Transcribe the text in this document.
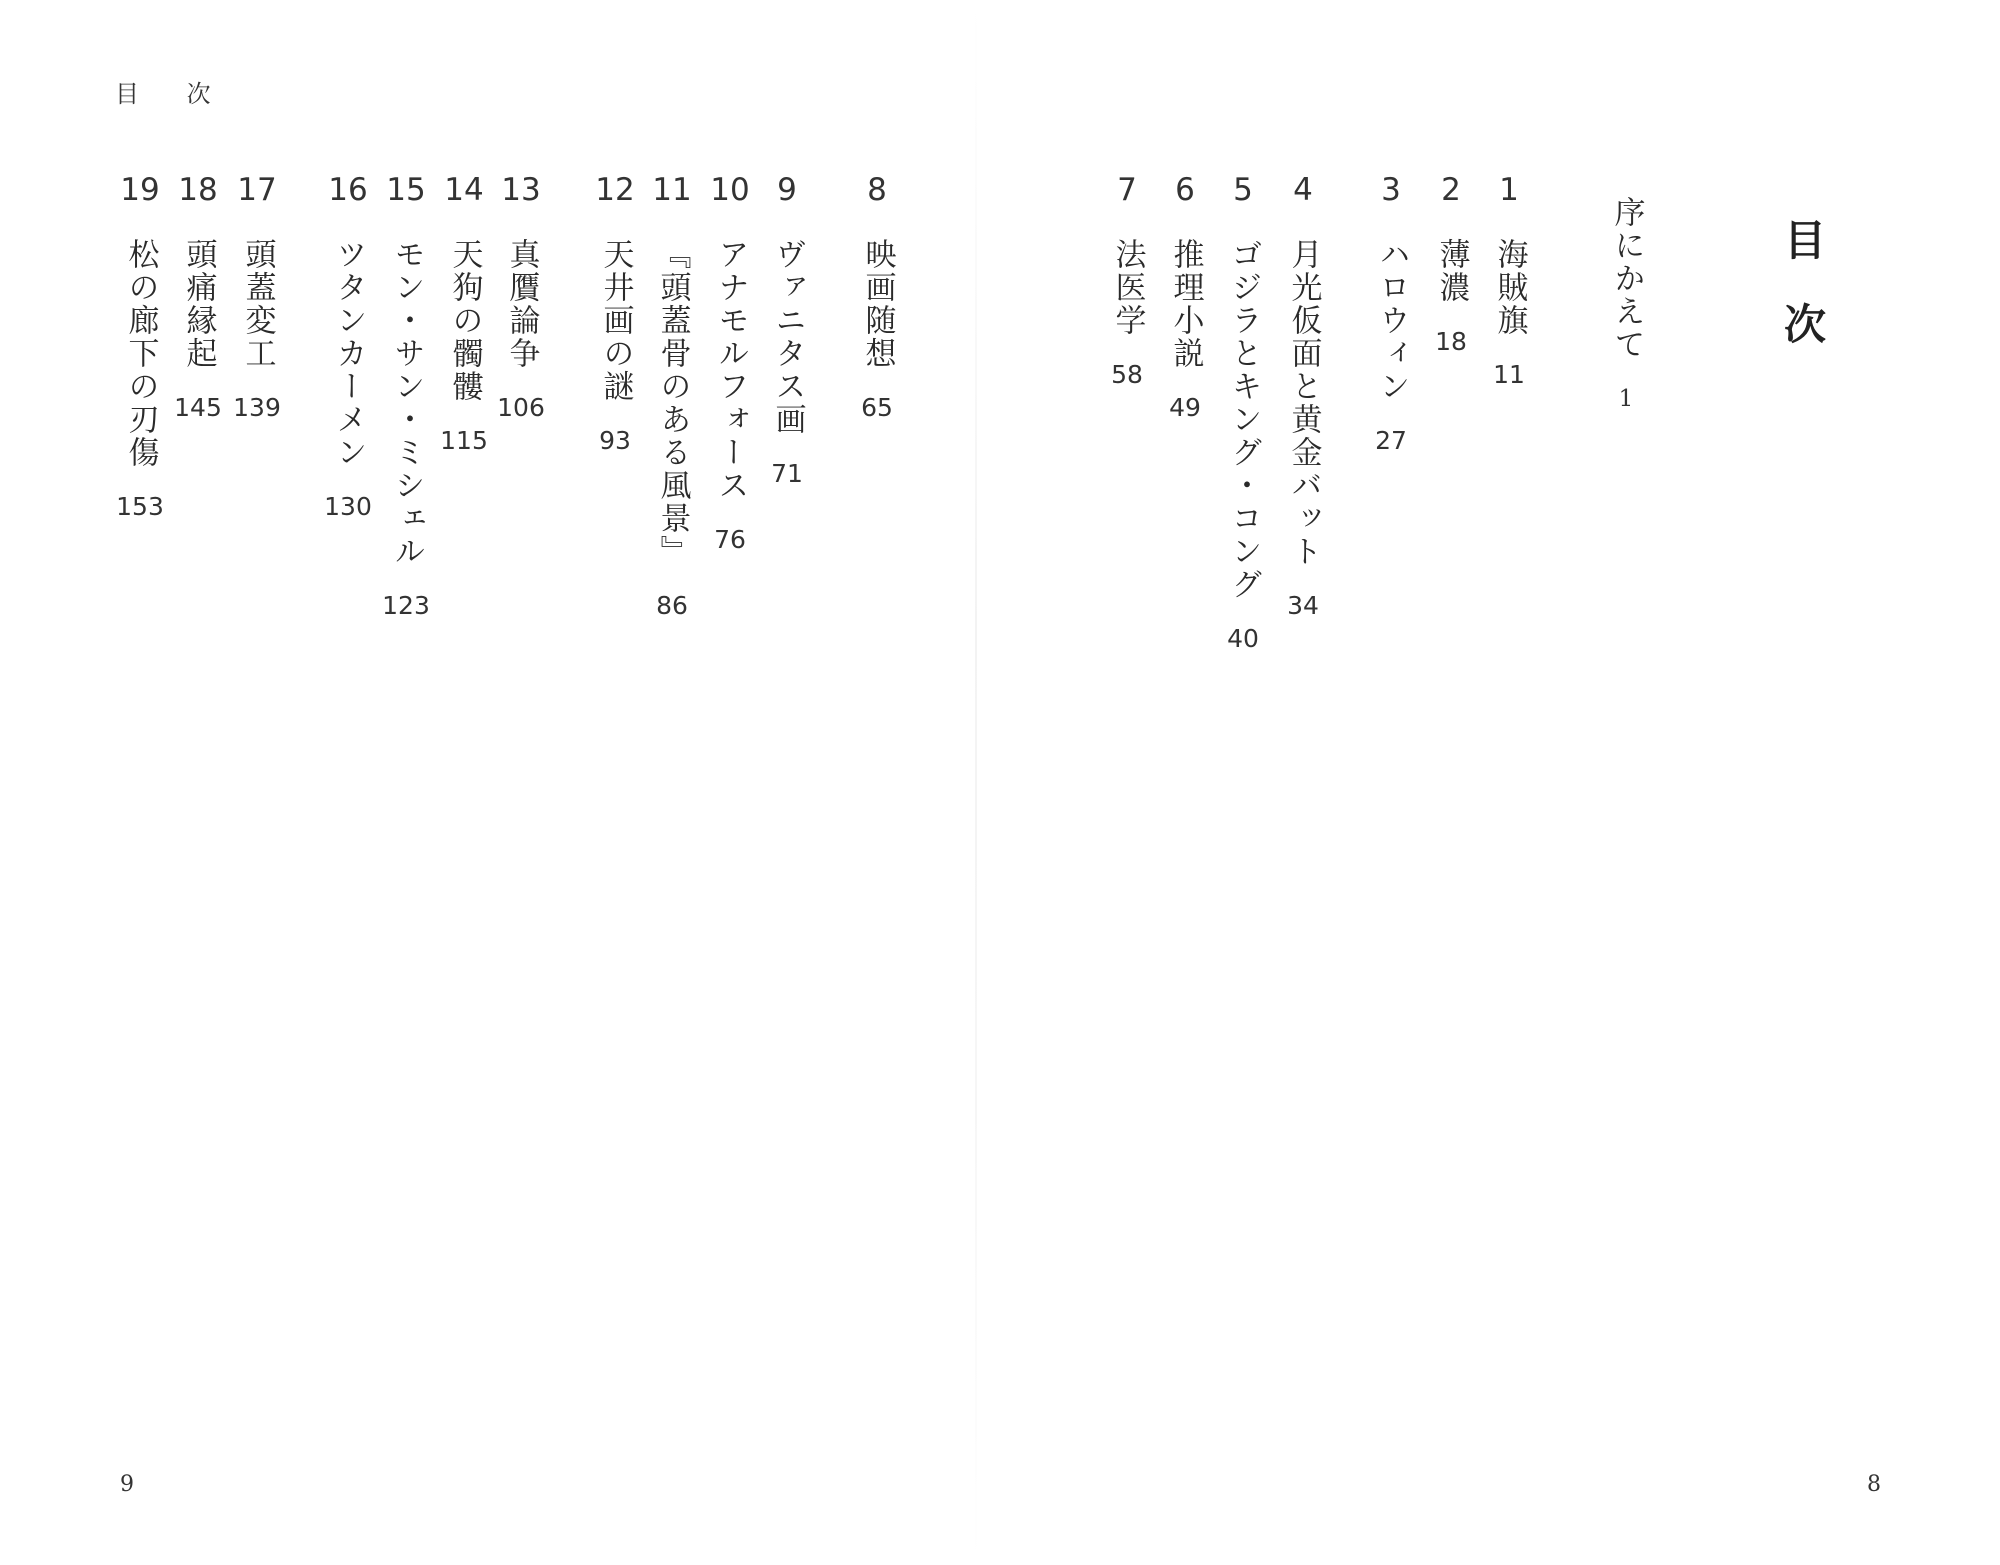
目 次
目次
序にかえて
1
1
海賊旗
11
2
薄濃
18
3
ハロウィン
27
4
月光仮面と黄金バット
34
5
ゴジラとキング・コング
40
6
推理小説
49
7
法医学
58
8
映画随想
65
9
ヴァニタス画
71
10
アナモルフォース
76
11
『頭蓋骨のある風景』
86
12
天井画の謎
93
13
真贋論争
106
14
天狗の髑髏
115
15
モン・サン・ミシェル
123
16
ツタンカーメン
130
17
頭蓋変工
139
18
頭痛縁起
145
19
松の廊下の刃傷
153
9	8
